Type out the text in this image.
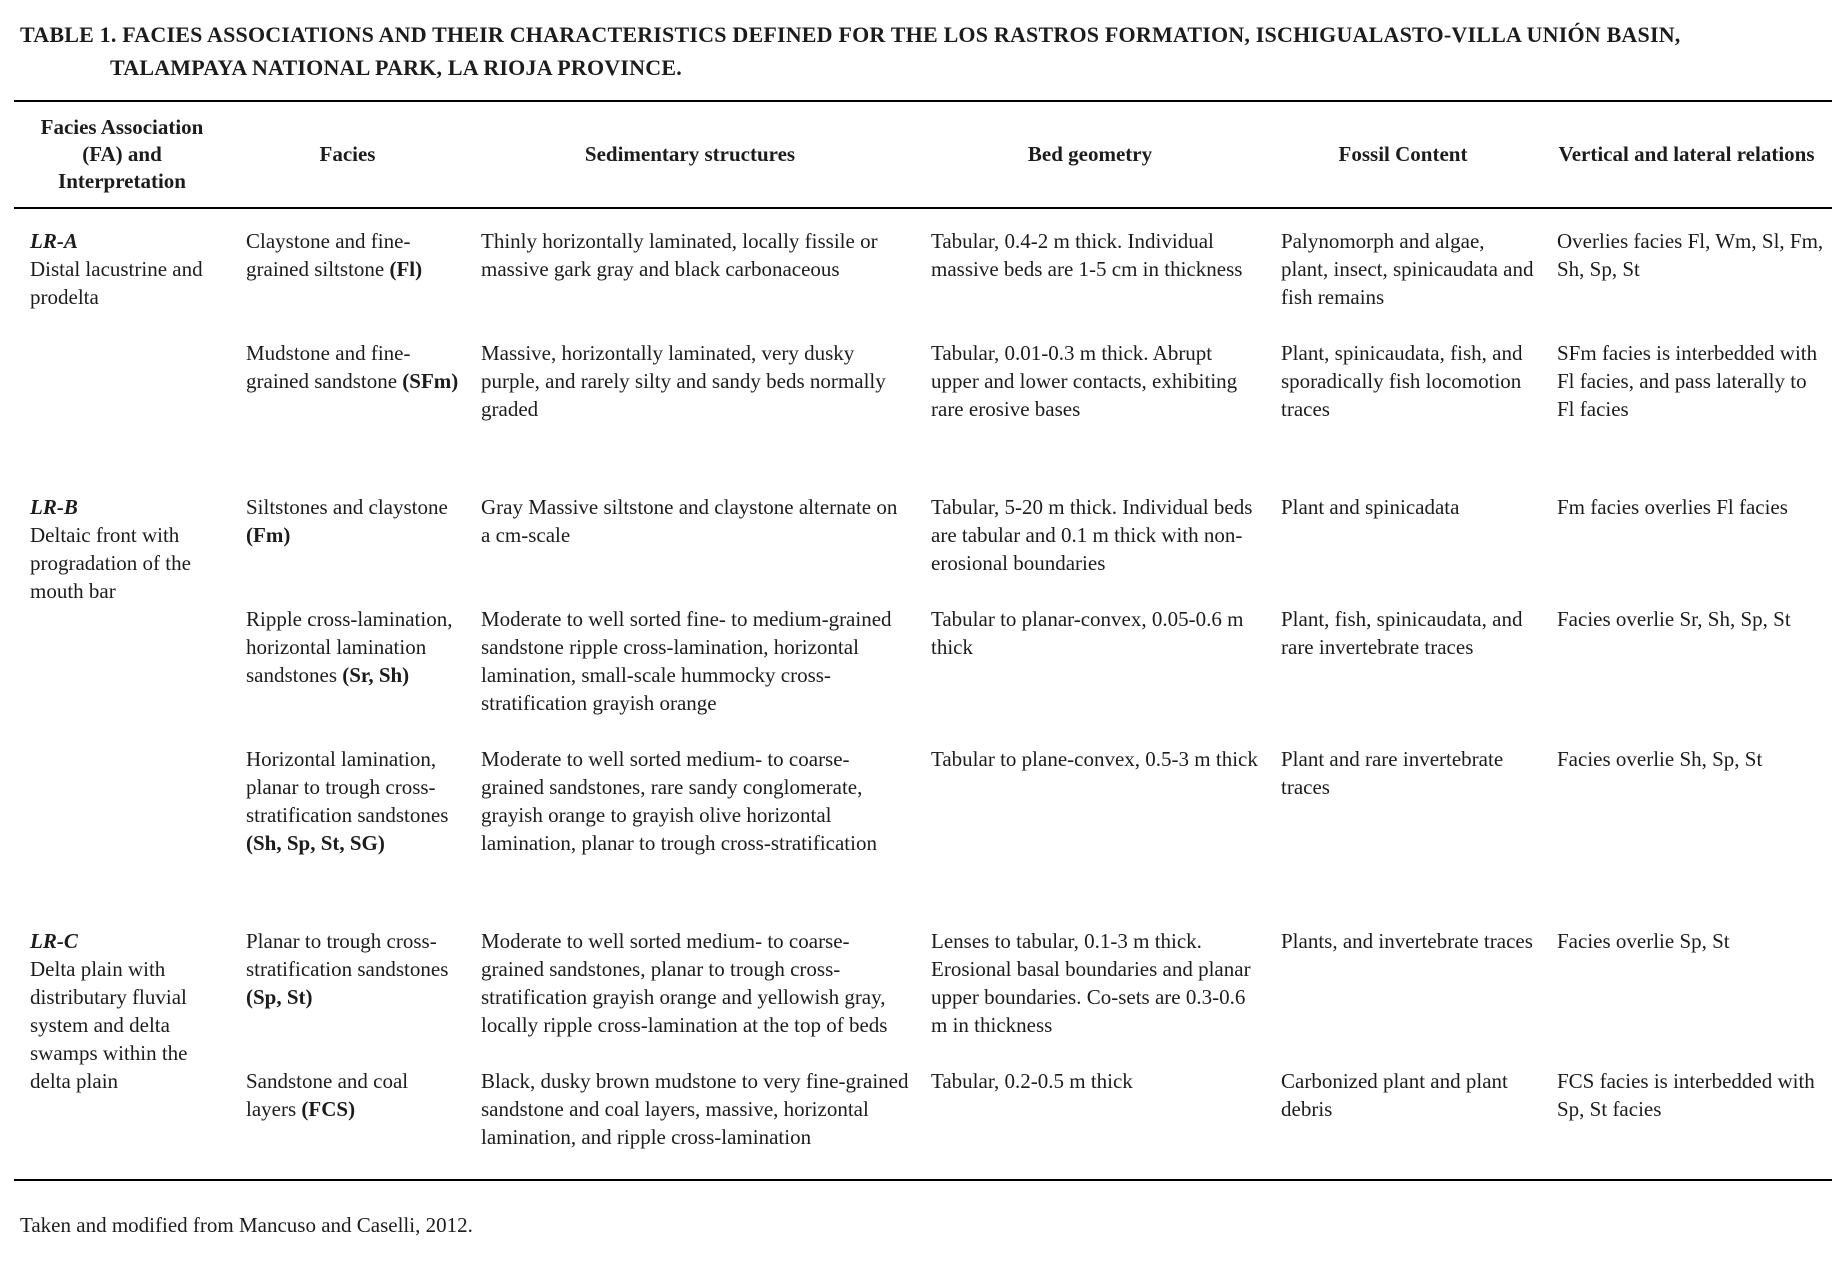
TABLE 1. FACIES ASSOCIATIONS AND THEIR CHARACTERISTICS DEFINED FOR THE LOS RASTROS FORMATION, ISCHIGUALASTO-VILLA UNIÓN BASIN, TALAMPAYA NATIONAL PARK, LA RIOJA PROVINCE.
Facies Association (FA) and Interpretation	Facies	Sedimentary structures	Bed geometry	Fossil Content	Vertical and lateral relations

LR-A
Distal lacustrine and prodelta	Claystone and fine-grained siltstone (Fl)	Thinly horizontally laminated, locally fissile or massive gark gray and black carbonaceous	Tabular, 0.4-2 m thick. Individual massive beds are 1-5 cm in thickness	Palynomorph and algae, plant, insect, spinicaudata and fish remains	Overlies facies Fl, Wm, Sl, Fm, Sh, Sp, St
	Mudstone and fine-grained sandstone (SFm)	Massive, horizontally laminated, very dusky purple, and rarely silty and sandy beds normally graded	Tabular, 0.01-0.3 m thick. Abrupt upper and lower contacts, exhibiting rare erosive bases	Plant, spinicaudata, fish, and sporadically fish locomotion traces	SFm facies is interbedded with Fl facies, and pass laterally to Fl facies

LR-B
Deltaic front with progradation of the mouth bar	Siltstones and claystone (Fm)	Gray Massive siltstone and claystone alternate on a cm-scale	Tabular, 5-20 m thick. Individual beds are tabular and 0.1 m thick with non-erosional boundaries	Plant and spinicadata	Fm facies overlies Fl facies
	Ripple cross-lamination, horizontal lamination sandstones (Sr, Sh)	Moderate to well sorted fine- to medium-grained sandstone ripple cross-lamination, horizontal lamination, small-scale hummocky cross-stratification grayish orange	Tabular to planar-convex, 0.05-0.6 m thick	Plant, fish, spinicaudata, and rare invertebrate traces	Facies overlie Sr, Sh, Sp, St
	Horizontal lamination, planar to trough cross-stratification sandstones (Sh, Sp, St, SG)	Moderate to well sorted medium- to coarse-grained sandstones, rare sandy conglomerate, grayish orange to grayish olive horizontal lamination, planar to trough cross-stratification	Tabular to plane-convex, 0.5-3 m thick	Plant and rare invertebrate traces	Facies overlie Sh, Sp, St

LR-C
Delta plain with distributary fluvial system and delta swamps within the delta plain	Planar to trough cross-stratification sandstones (Sp, St)	Moderate to well sorted medium- to coarse-grained sandstones, planar to trough cross-stratification grayish orange and yellowish gray, locally ripple cross-lamination at the top of beds	Lenses to tabular, 0.1-3 m thick. Erosional basal boundaries and planar upper boundaries. Co-sets are 0.3-0.6 m in thickness	Plants, and invertebrate traces	Facies overlie Sp, St
	Sandstone and coal layers (FCS)	Black, dusky brown mudstone to very fine-grained sandstone and coal layers, massive, horizontal lamination, and ripple cross-lamination	Tabular, 0.2-0.5 m thick	Carbonized plant and plant debris	FCS facies is interbedded with Sp, St facies
Taken and modified from Mancuso and Caselli, 2012.
